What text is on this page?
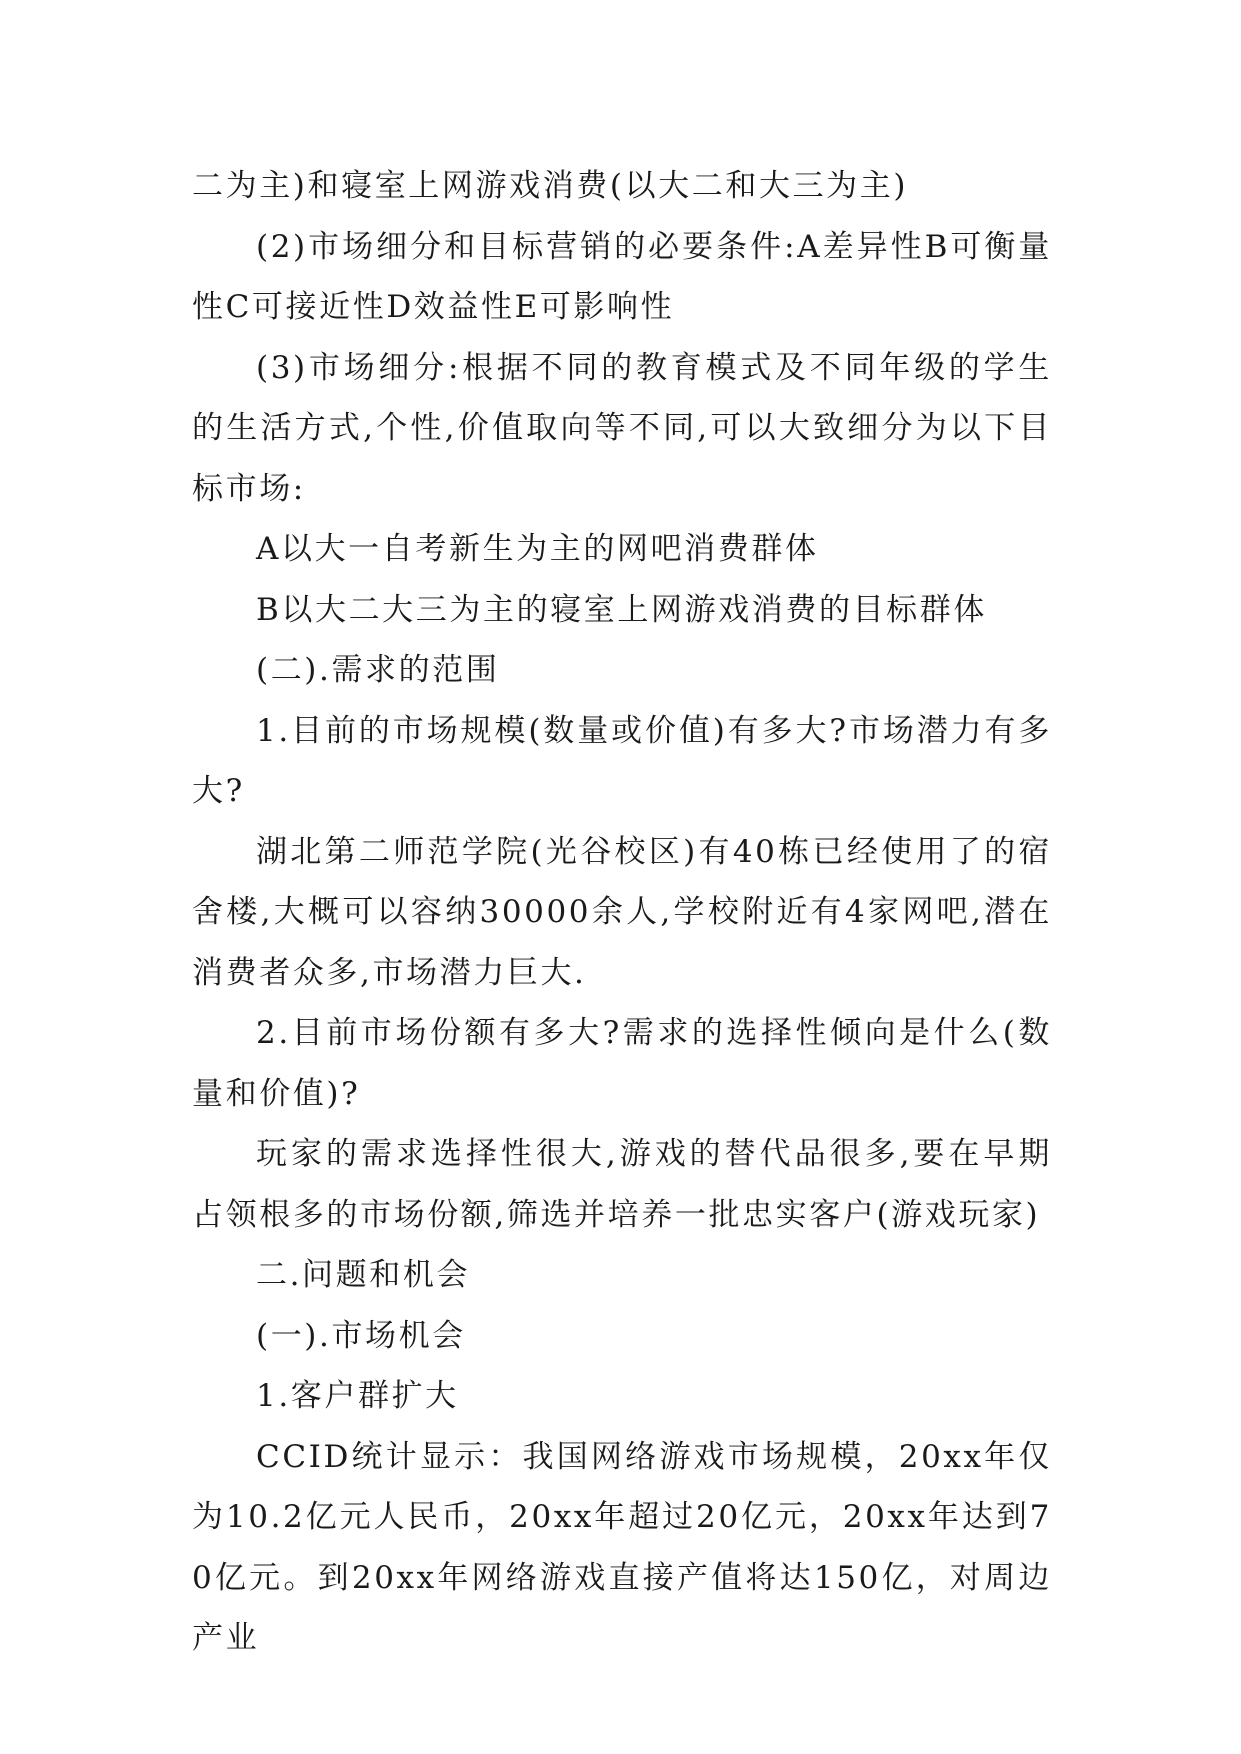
二为主)和寝室上网游戏消费(以大二和大三为主)

(2)市场细分和目标营销的必要条件:A差异性B可衡量性C可接近性D效益性E可影响性

(3)市场细分:根据不同的教育模式及不同年级的学生的生活方式,个性,价值取向等不同,可以大致细分为以下目标市场:

A以大一自考新生为主的网吧消费群体

B以大二大三为主的寝室上网游戏消费的目标群体

(二).需求的范围

1.目前的市场规模(数量或价值)有多大?市场潜力有多大?

湖北第二师范学院(光谷校区)有40栋已经使用了的宿舍楼,大概可以容纳30000余人,学校附近有4家网吧,潜在消费者众多,市场潜力巨大.

2.目前市场份额有多大?需求的选择性倾向是什么(数量和价值)?

玩家的需求选择性很大,游戏的替代品很多,要在早期占领根多的市场份额,筛选并培养一批忠实客户(游戏玩家)

二.问题和机会

(一).市场机会

1.客户群扩大

CCID统计显示：我国网络游戏市场规模，20xx年仅为10.2亿元人民币，20xx年超过20亿元，20xx年达到70亿元。到20xx年网络游戏直接产值将达150亿，对周边产业
